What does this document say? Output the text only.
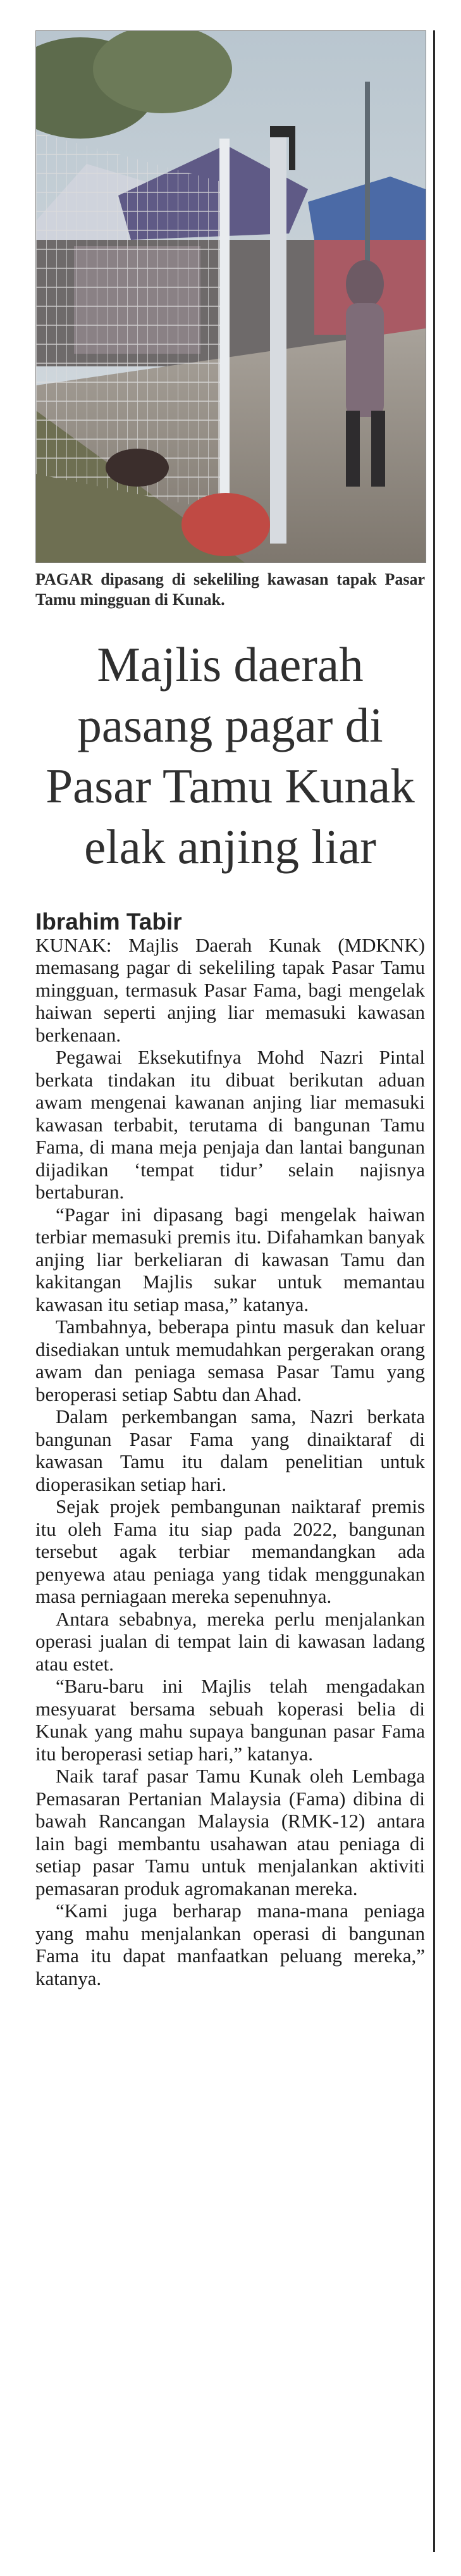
PAGAR dipasang di sekeliling kawasan tapak Pasar Tamu mingguan di Kunak.
Majlis daerah pasang pagar di Pasar Tamu Kunak elak anjing liar
Ibrahim Tabir

KUNAK: Majlis Daerah Kunak (MDKNK) memasang pagar di sekeliling tapak Pasar Tamu mingguan, termasuk Pasar Fama, bagi mengelak haiwan seperti anjing liar memasuki kawasan berkenaan.

Pegawai Eksekutifnya Mohd Nazri Pintal berkata tindakan itu dibuat berikutan aduan awam mengenai kawanan anjing liar memasuki kawasan terbabit, terutama di bangunan Tamu Fama, di mana meja penjaja dan lantai bangunan dijadikan ‘tempat tidur’ selain najisnya bertaburan.

“Pagar ini dipasang bagi mengelak haiwan terbiar memasuki premis itu. Difahamkan banyak anjing liar berkeliaran di kawasan Tamu dan kakitangan Majlis sukar untuk memantau kawasan itu setiap masa,” katanya.

Tambahnya, beberapa pintu masuk dan keluar disediakan untuk memudahkan pergerakan orang awam dan peniaga semasa Pasar Tamu yang beroperasi setiap Sabtu dan Ahad.

Dalam perkembangan sama, Nazri berkata bangunan Pasar Fama yang dinaiktaraf di kawasan Tamu itu dalam penelitian untuk dioperasikan setiap hari.

Sejak projek pembangunan naiktaraf premis itu oleh Fama itu siap pada 2022, bangunan tersebut agak terbiar memandangkan ada penyewa atau peniaga yang tidak menggunakan masa perniagaan mereka sepenuhnya.

Antara sebabnya, mereka perlu menjalankan operasi jualan di tempat lain di kawasan ladang atau estet.

“Baru-baru ini Majlis telah mengadakan mesyuarat bersama sebuah koperasi belia di Kunak yang mahu supaya bangunan pasar Fama itu beroperasi setiap hari,” katanya.

Naik taraf pasar Tamu Kunak oleh Lembaga Pemasaran Pertanian Malaysia (Fama) dibina di bawah Rancangan Malaysia (RMK-12) antara lain bagi membantu usahawan atau peniaga di setiap pasar Tamu untuk menjalankan aktiviti pemasaran produk agromakanan mereka.

“Kami juga berharap mana-mana peniaga yang mahu menjalankan operasi di bangunan Fama itu dapat manfaatkan peluang mereka,” katanya.
